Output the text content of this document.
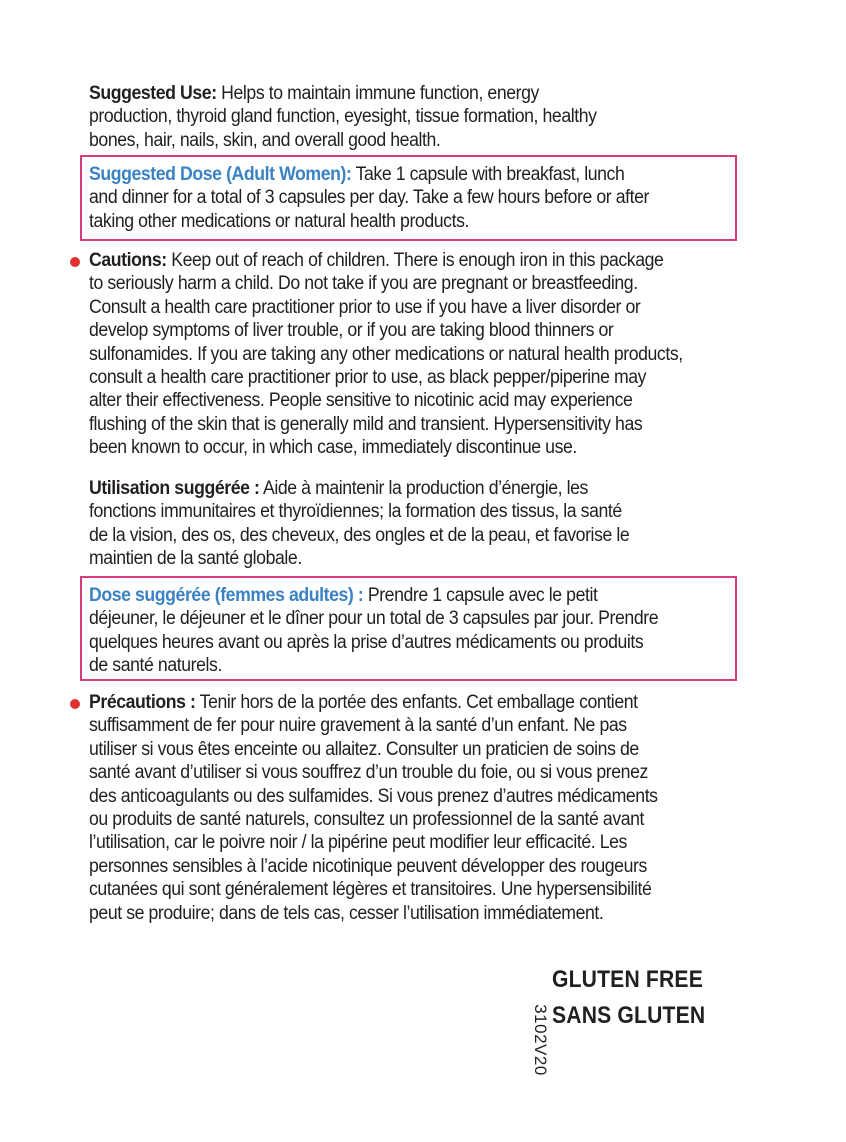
Suggested Use: Helps to maintain immune function, energy
production, thyroid gland function, eyesight, tissue formation, healthy
bones, hair, nails, skin, and overall good health.
Suggested Dose (Adult Women): Take 1 capsule with breakfast, lunch
and dinner for a total of 3 capsules per day. Take a few hours before or after
taking other medications or natural health products.
Cautions: Keep out of reach of children. There is enough iron in this package
to seriously harm a child. Do not take if you are pregnant or breastfeeding.
Consult a health care practitioner prior to use if you have a liver disorder or
develop symptoms of liver trouble, or if you are taking blood thinners or
sulfonamides. If you are taking any other medications or natural health products,
consult a health care practitioner prior to use, as black pepper/piperine may
alter their effectiveness. People sensitive to nicotinic acid may experience
flushing of the skin that is generally mild and transient. Hypersensitivity has
been known to occur, in which case, immediately discontinue use.
Utilisation suggérée : Aide à maintenir la production d’énergie, les
fonctions immunitaires et thyroïdiennes; la formation des tissus, la santé
de la vision, des os, des cheveux, des ongles et de la peau, et favorise le
maintien de la santé globale.
Dose suggérée (femmes adultes) : Prendre 1 capsule avec le petit
déjeuner, le déjeuner et le dîner pour un total de 3 capsules par jour. Prendre
quelques heures avant ou après la prise d’autres médicaments ou produits
de santé naturels.
Précautions : Tenir hors de la portée des enfants. Cet emballage contient
suffisamment de fer pour nuire gravement à la santé d’un enfant. Ne pas
utiliser si vous êtes enceinte ou allaitez. Consulter un praticien de soins de
santé avant d’utiliser si vous souffrez d’un trouble du foie, ou si vous prenez
des anticoagulants ou des sulfamides. Si vous prenez d’autres médicaments
ou produits de santé naturels, consultez un professionnel de la santé avant
l’utilisation, car le poivre noir / la pipérine peut modifier leur efficacité. Les
personnes sensibles à l’acide nicotinique peuvent développer des rougeurs
cutanées qui sont généralement légères et transitoires. Une hypersensibilité
peut se produire; dans de tels cas, cesser l’utilisation immédiatement.
GLUTEN FREE
SANS GLUTEN
3102V20
